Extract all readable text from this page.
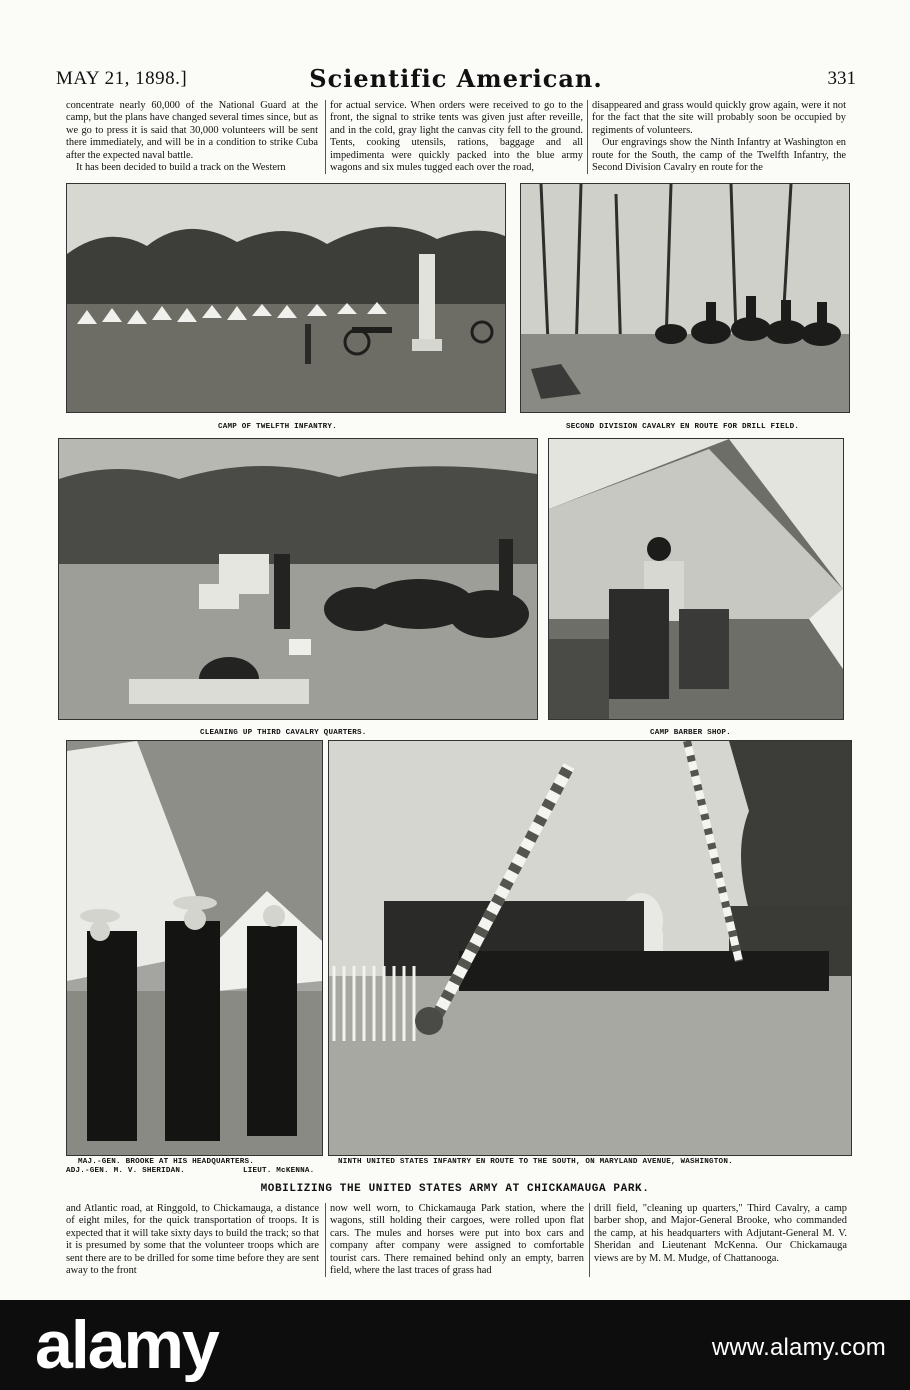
MAY 21, 1898.]	Scientific American.	331

concentrate nearly 60,000 of the National Guard at the camp, but the plans have changed several times since, but as we go to press it is said that 30,000 volunteers will be sent there immediately, and will be in a condition to strike Cuba after the expected naval battle.

It has been decided to build a track on the Western

for actual service. When orders were received to go to the front, the signal to strike tents was given just after reveille, and in the cold, gray light the canvas city fell to the ground. Tents, cooking utensils, rations, baggage and all impedimenta were quickly packed into the blue army wagons and six mules tugged each over the road,

disappeared and grass would quickly grow again, were it not for the fact that the site will probably soon be occupied by regiments of volunteers.

Our engravings show the Ninth Infantry at Washington en route for the South, the camp of the Twelfth Infantry, the Second Division Cavalry en route for the

CAMP OF TWELFTH INFANTRY.	SECOND DIVISION CAVALRY EN ROUTE FOR DRILL FIELD.
CLEANING UP THIRD CAVALRY QUARTERS.	CAMP BARBER SHOP.
MAJ.-GEN. BROOKE AT HIS HEADQUARTERS.
ADJ.-GEN. M. V. SHERIDAN.	LIEUT. McKENNA.
NINTH UNITED STATES INFANTRY EN ROUTE TO THE SOUTH, ON MARYLAND AVENUE, WASHINGTON.
MOBILIZING THE UNITED STATES ARMY AT CHICKAMAUGA PARK.

and Atlantic road, at Ringgold, to Chickamauga, a distance of eight miles, for the quick transportation of troops. It is expected that it will take sixty days to build the track; so that it is presumed by some that the volunteer troops which are sent there are to be drilled for some time before they are sent away to the front

now well worn, to Chickamauga Park station, where the wagons, still holding their cargoes, were rolled upon flat cars. The mules and horses were put into box cars and company after company were assigned to comfortable tourist cars. There remained behind only an empty, barren field, where the last traces of grass had

drill field, "cleaning up quarters," Third Cavalry, a camp barber shop, and Major-General Brooke, who commanded the camp, at his headquarters with Adjutant-General M. V. Sheridan and Lieutenant McKenna. Our Chickamauga views are by M. M. Mudge, of Chattanooga.

alamy	www.alamy.com
